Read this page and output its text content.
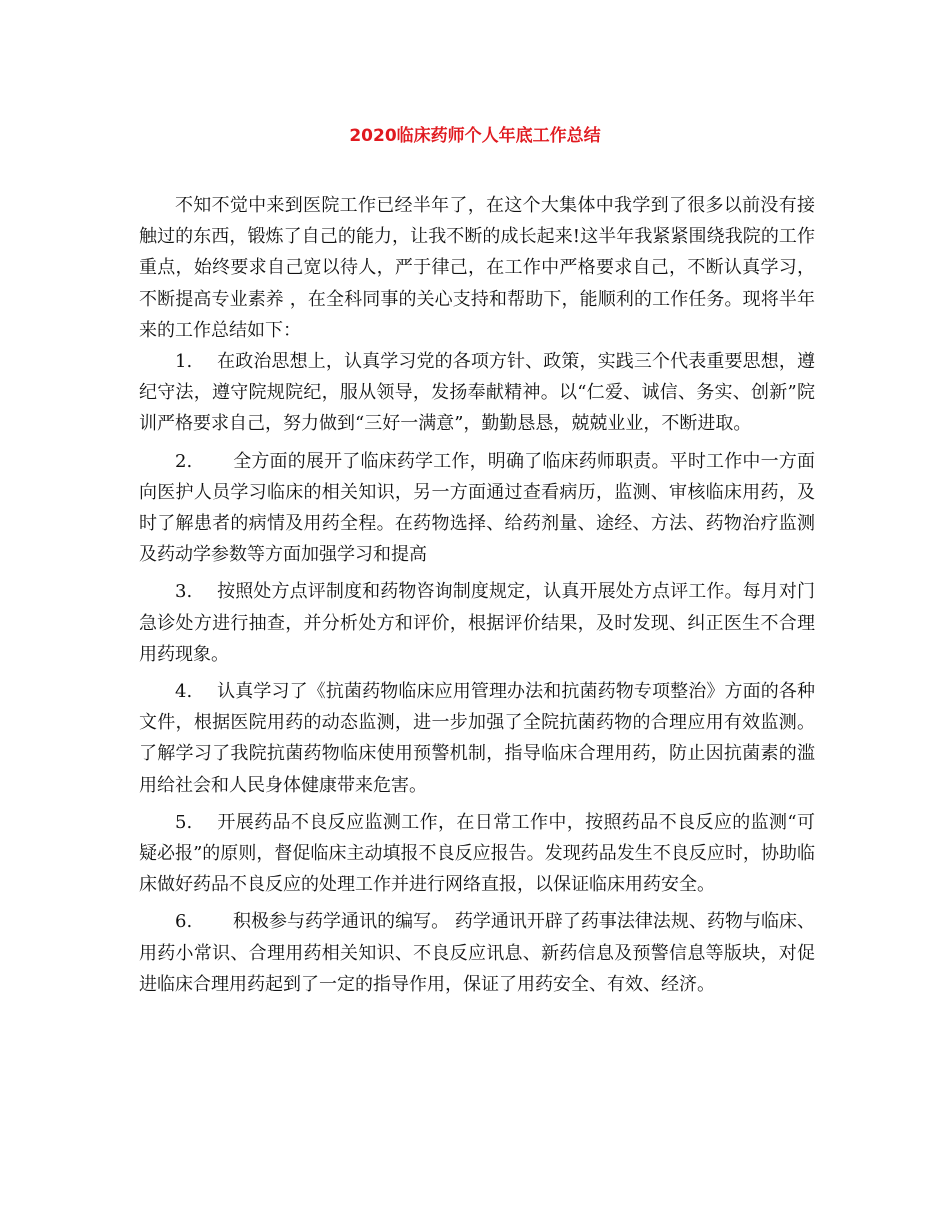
2020临床药师个人年底工作总结

不知不觉中来到医院工作已经半年了，在这个大集体中我学到了很多以前没有接触过的东西，锻炼了自己的能力，让我不断的成长起来!这半年我紧紧围绕我院的工作重点，始终要求自己宽以待人，严于律己，在工作中严格要求自己，不断认真学习，不断提高专业素养 ，在全科同事的关心支持和帮助下，能顺利的工作任务。现将半年来的工作总结如下：

1. 在政治思想上，认真学习党的各项方针、政策，实践三个代表重要思想，遵纪守法，遵守院规院纪，服从领导，发扬奉献精神。以“仁爱、诚信、务实、创新”院训严格要求自己，努力做到“三好一满意”，勤勤恳恳，兢兢业业，不断进取。

2. 全方面的展开了临床药学工作，明确了临床药师职责。平时工作中一方面向医护人员学习临床的相关知识，另一方面通过查看病历，监测、审核临床用药，及时了解患者的病情及用药全程。在药物选择、给药剂量、途经、方法、药物治疗监测及药动学参数等方面加强学习和提高

3. 按照处方点评制度和药物咨询制度规定，认真开展处方点评工作。每月对门急诊处方进行抽查，并分析处方和评价，根据评价结果，及时发现、纠正医生不合理用药现象。

4. 认真学习了《抗菌药物临床应用管理办法和抗菌药物专项整治》方面的各种文件，根据医院用药的动态监测，进一步加强了全院抗菌药物的合理应用有效监测。了解学习了我院抗菌药物临床使用预警机制，指导临床合理用药，防止因抗菌素的滥用给社会和人民身体健康带来危害。

5. 开展药品不良反应监测工作，在日常工作中，按照药品不良反应的监测“可疑必报”的原则，督促临床主动填报不良反应报告。发现药品发生不良反应时，协助临床做好药品不良反应的处理工作并进行网络直报，以保证临床用药安全。

6. 积极参与药学通讯的编写。 药学通讯开辟了药事法律法规、药物与临床、用药小常识、合理用药相关知识、不良反应讯息、新药信息及预警信息等版块，对促进临床合理用药起到了一定的指导作用，保证了用药安全、有效、经济。
